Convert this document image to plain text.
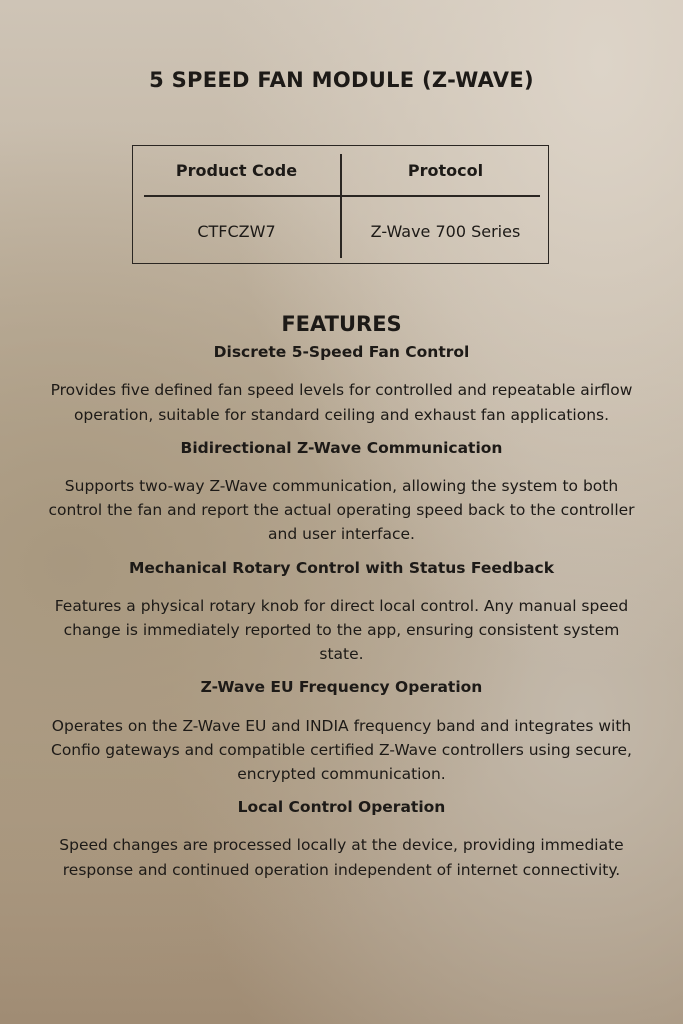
5 SPEED FAN MODULE (Z-WAVE)
Product Code	Protocol
CTFCZW7	Z-Wave 700 Series
FEATURES
Discrete 5-Speed Fan Control

Provides five defined fan speed levels for controlled and repeatable airflow operation, suitable for standard ceiling and exhaust fan applications.

Bidirectional Z-Wave Communication

Supports two-way Z-Wave communication, allowing the system to both control the fan and report the actual operating speed back to the controller and user interface.

Mechanical Rotary Control with Status Feedback

Features a physical rotary knob for direct local control. Any manual speed change is immediately reported to the app, ensuring consistent system state.

Z-Wave EU Frequency Operation

Operates on the Z-Wave EU and INDIA frequency band and integrates with Confio gateways and compatible certified Z-Wave controllers using secure, encrypted communication.

Local Control Operation

Speed changes are processed locally at the device, providing immediate response and continued operation independent of internet connectivity.
